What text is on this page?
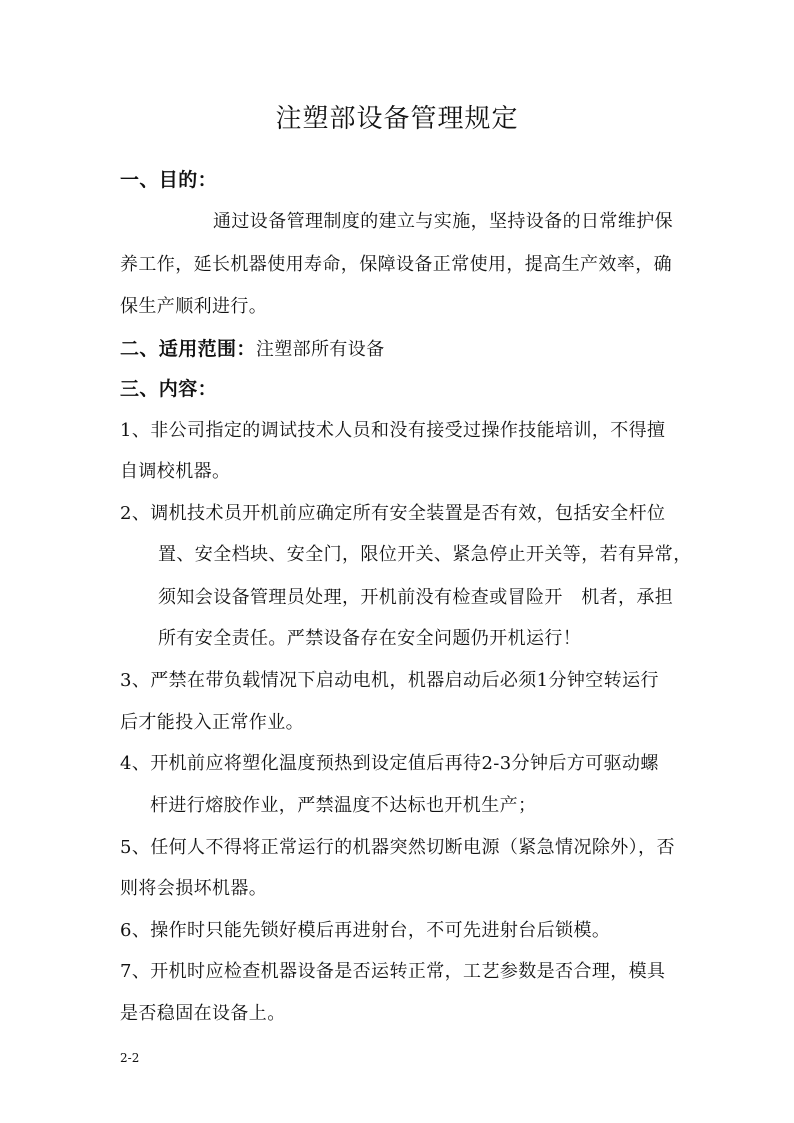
注塑部设备管理规定
一、目的：
通过设备管理制度的建立与实施，坚持设备的日常维护保
养工作，延长机器使用寿命，保障设备正常使用，提高生产效率，确
保生产顺利进行。
二、适用范围：注塑部所有设备
三、内容：
1、非公司指定的调试技术人员和没有接受过操作技能培训，不得擅
自调校机器。
2、调机技术员开机前应确定所有安全装置是否有效，包括安全杆位
置、安全档块、安全门，限位开关、紧急停止开关等，若有异常，
须知会设备管理员处理，开机前没有检查或冒险开　机者，承担
所有安全责任。严禁设备存在安全问题仍开机运行！
3、严禁在带负载情况下启动电机，机器启动后必须1分钟空转运行
后才能投入正常作业。
4、开机前应将塑化温度预热到设定值后再待2-3分钟后方可驱动螺
杆进行熔胶作业，严禁温度不达标也开机生产；
5、任何人不得将正常运行的机器突然切断电源（紧急情况除外），否
则将会损坏机器。
6、操作时只能先锁好模后再进射台，不可先进射台后锁模。
7、开机时应检查机器设备是否运转正常，工艺参数是否合理，模具
是否稳固在设备上。
2-2
